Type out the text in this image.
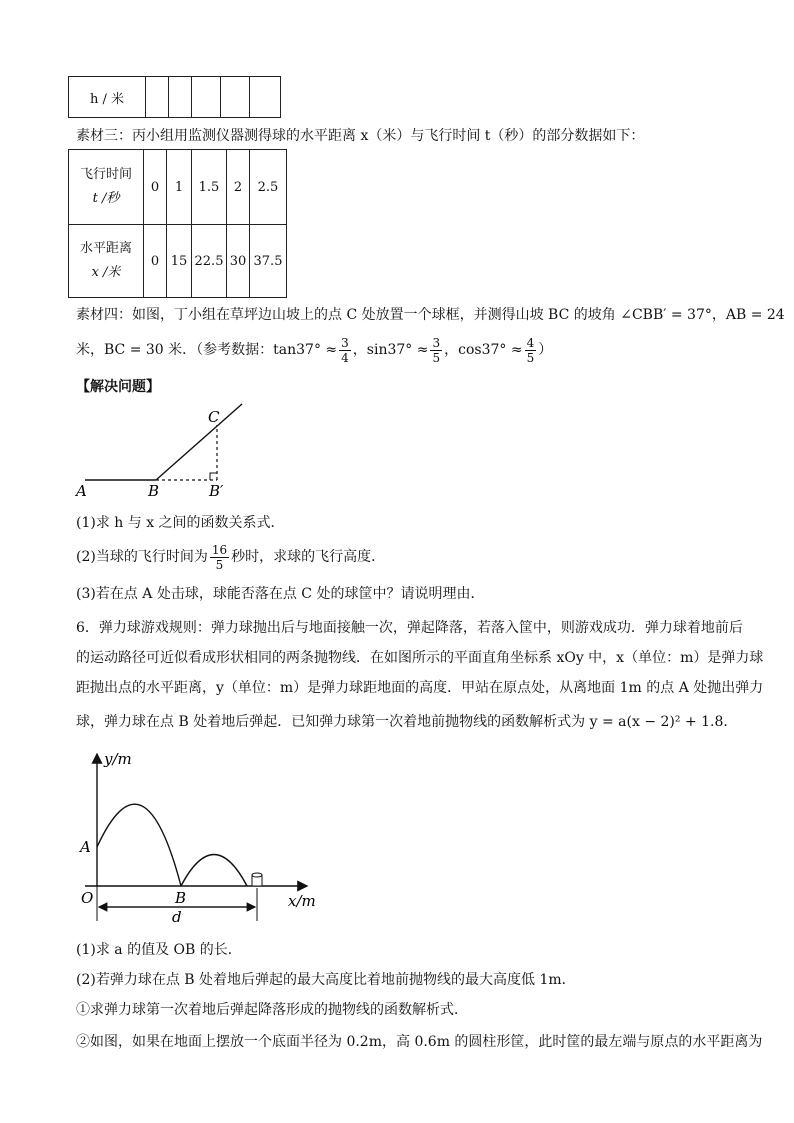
h / 米					
素材三：丙小组用监测仪器测得球的水平距离 x（米）与飞行时间 t（秒）的部分数据如下：
飞行时间
t /秒	0	1	1.5	2	2.5
水平距离
x /米	0	15	22.5	30	37.5
素材四：如图，丁小组在草坪边山坡上的点 C 处放置一个球框，并测得山坡 BC 的坡角 ∠CBB′ = 37°，AB = 24
米，BC = 30 米．（参考数据：$\tan 37^\circ \approx \frac{3}{4}$ ，$\sin 37^\circ \approx \frac{3}{5}$ ，$\cos 37^\circ \approx \frac{4}{5}$ ）
【解决问题】
A	B	B′
C
(1)求 h 与 x 之间的函数关系式．
(2)当球的飞行时间为 $\frac{16}{5}$ 秒时，求球的飞行高度．
(3)若在点 A 处击球，球能否落在点 C 处的球筐中？请说明理由．
6．弹力球游戏规则：弹力球抛出后与地面接触一次，弹起降落，若落入筐中，则游戏成功．弹力球着地前后
的运动路径可近似看成形状相同的两条抛物线．在如图所示的平面直角坐标系 xOy 中，x（单位：m）是弹力球
距抛出点的水平距离，y（单位：m）是弹力球距地面的高度．甲站在原点处，从离地面 1m 的点 A 处抛出弹力
球，弹力球在点 B 处着地后弹起．已知弹力球第一次着地前抛物线的函数解析式为 y = a(x − 2)² + 1.8．
y/m
x/m
O
A
B
d
(1)求 a 的值及 OB 的长．
(2)若弹力球在点 B 处着地后弹起的最大高度比着地前抛物线的最大高度低 1m．
①求弹力球第一次着地后弹起降落形成的抛物线的函数解析式．
②如图，如果在地面上摆放一个底面半径为 0.2m，高 0.6m 的圆柱形筐，此时筐的最左端与原点的水平距离为
